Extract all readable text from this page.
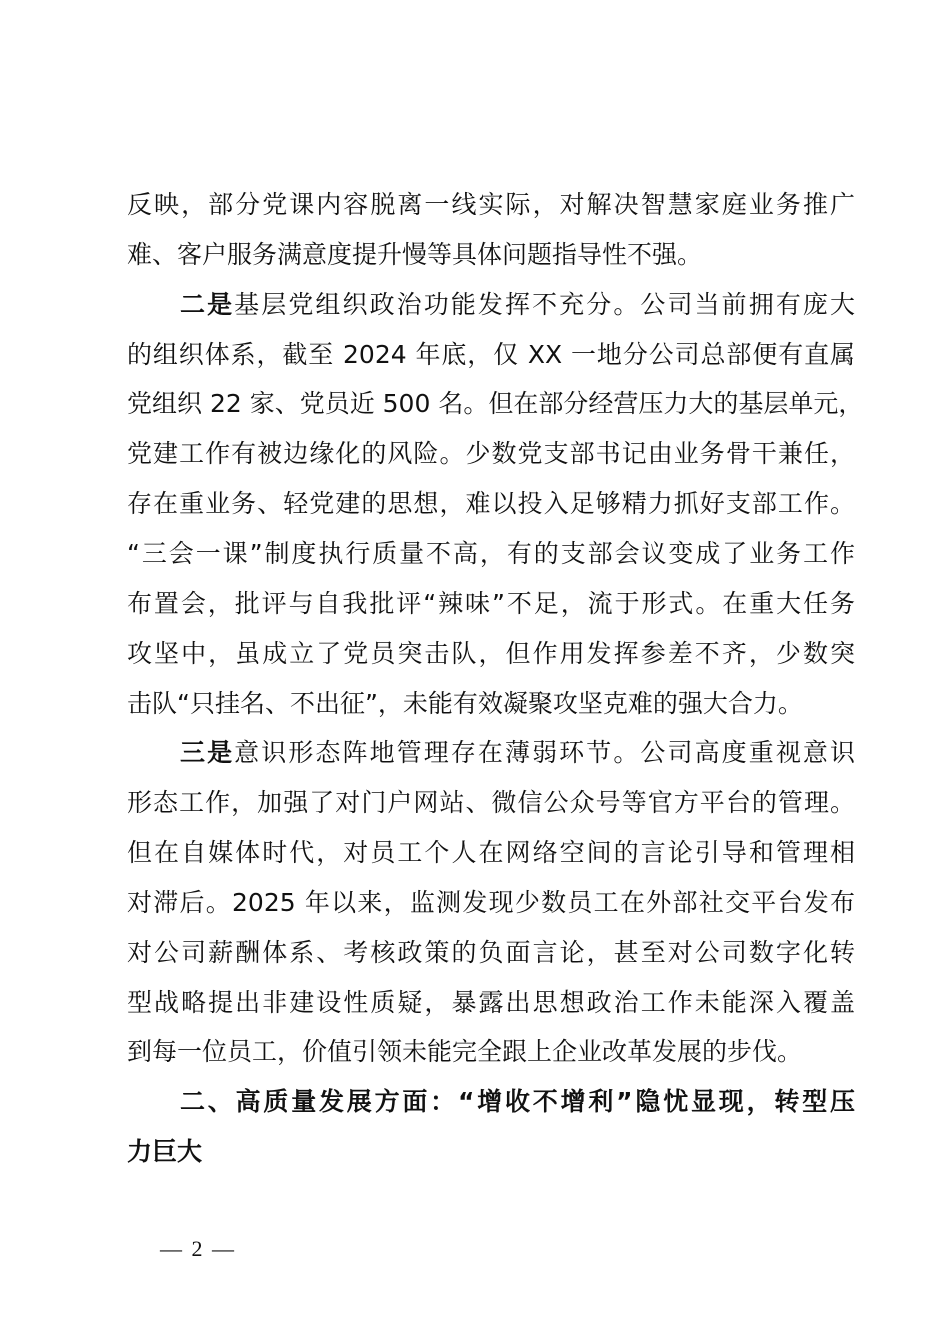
反映，部分党课内容脱离一线实际，对解决智慧家庭业务推广
难、客户服务满意度提升慢等具体问题指导性不强。
二是基层党组织政治功能发挥不充分。公司当前拥有庞大
的组织体系，截至 2024 年底，仅 XX 一地分公司总部便有直属
党组织 22 家、党员近 500 名。但在部分经营压力大的基层单元，
党建工作有被边缘化的风险。少数党支部书记由业务骨干兼任，
存在重业务、轻党建的思想，难以投入足够精力抓好支部工作。
“三会一课”制度执行质量不高，有的支部会议变成了业务工作
布置会，批评与自我批评“辣味”不足，流于形式。在重大任务
攻坚中，虽成立了党员突击队，但作用发挥参差不齐，少数突
击队“只挂名、不出征”，未能有效凝聚攻坚克难的强大合力。
三是意识形态阵地管理存在薄弱环节。公司高度重视意识
形态工作，加强了对门户网站、微信公众号等官方平台的管理。
但在自媒体时代，对员工个人在网络空间的言论引导和管理相
对滞后。2025 年以来，监测发现少数员工在外部社交平台发布
对公司薪酬体系、考核政策的负面言论，甚至对公司数字化转
型战略提出非建设性质疑，暴露出思想政治工作未能深入覆盖
到每一位员工，价值引领未能完全跟上企业改革发展的步伐。
二、高质量发展方面：“增收不增利”隐忧显现，转型压
力巨大
— 2 —
